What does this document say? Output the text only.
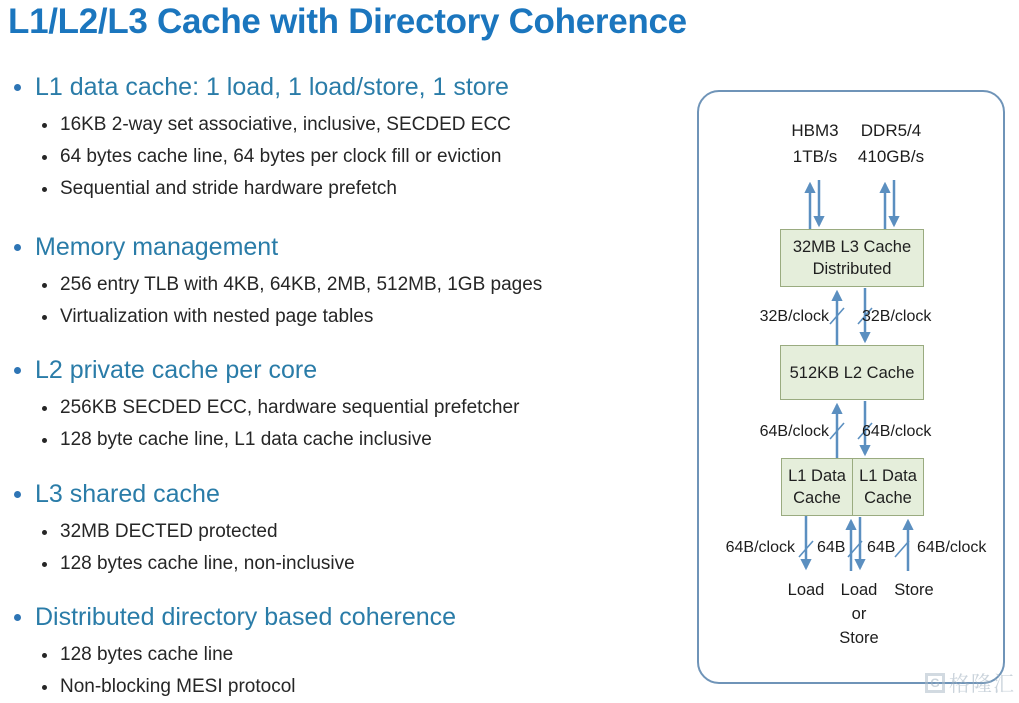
L1/L2/L3 Cache with Directory Coherence
L1 data cache: 1 load, 1 load/store, 1 store
16KB 2-way set associative, inclusive, SECDED ECC
64 bytes cache line, 64 bytes per clock fill or eviction
Sequential and stride hardware prefetch
Memory management
256 entry TLB with 4KB, 64KB, 2MB, 512MB, 1GB pages
Virtualization with nested page tables
L2 private cache per core
256KB SECDED ECC, hardware sequential prefetcher
128 byte cache line, L1 data cache inclusive
L3 shared cache
32MB DECTED protected
128 bytes cache line, non-inclusive
Distributed directory based coherence
128 bytes cache line
Non-blocking MESI protocol
HBM3
1TB/s
DDR5/4
410GB/s
32MB L3 Cache
Distributed
32B/clock 32B/clock
512KB L2 Cache
64B/clock 64B/clock
L1 Data
Cache
L1 Data
Cache
64B/clock 64B 64B 64B/clock
Load Load
or
Store
Store
G 格隆汇
